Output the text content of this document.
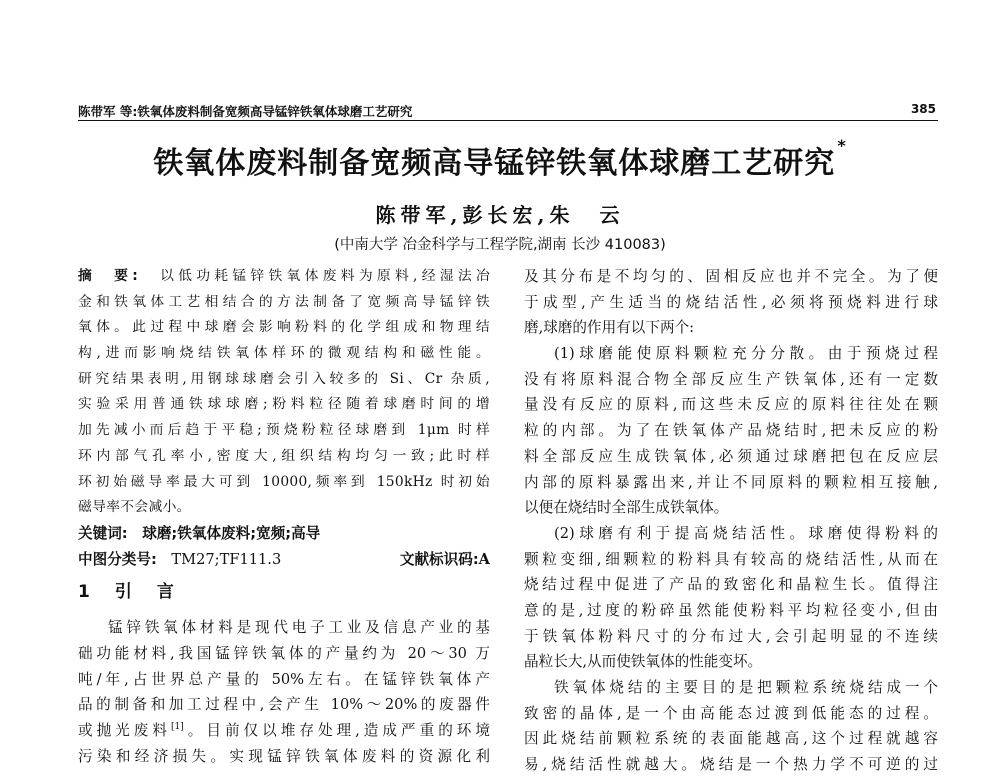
陈带军 等:铁氧体废料制备宽频高导锰锌铁氧体球磨工艺研究	385
铁氧体废料制备宽频高导锰锌铁氧体球磨工艺研究*
陈带军,彭长宏,朱　云
(中南大学 冶金科学与工程学院,湖南 长沙 410083)
摘　要:　 以低功耗锰锌铁氧体废料为原料,经湿法冶
金和铁氧体工艺相结合的方法制备了宽频高导锰锌铁
氧体。此过程中球磨会影响粉料的化学组成和物理结
构,进而影响烧结铁氧体样环的微观结构和磁性能。
研究结果表明,用钢球球磨会引入较多的 Si、Cr 杂质,
实验采用普通铁球球磨;粉料粒径随着球磨时间的增
加先减小而后趋于平稳;预烧粉粒径球磨到 1μm 时样
环内部气孔率小,密度大,组织结构均匀一致;此时样
环初始磁导率最大可到 10000,频率到 150kHz 时初始
磁导率不会减小。
关键词:　 球磨;铁氧体废料;宽频;高导
中图分类号:　 TM27;TF111.3	文献标识码:A
1　引　言
锰锌铁氧体材料是现代电子工业及信息产业的基
础功能材料,我国锰锌铁氧体的产量约为 20～30 万
吨/年,占世界总产量的 50%左右。在锰锌铁氧体产
品的制备和加工过程中,会产生 10%～20%的废器件
或抛光废料[1]。目前仅以堆存处理,造成严重的环境
污染和经济损失。实现锰锌铁氧体废料的资源化利
及其分布是不均匀的、固相反应也并不完全。为了便
于成型,产生适当的烧结活性,必须将预烧料进行球
磨,球磨的作用有以下两个:
(1)球磨能使原料颗粒充分分散。由于预烧过程
没有将原料混合物全部反应生产铁氧体,还有一定数
量没有反应的原料,而这些未反应的原料往往处在颗
粒的内部。为了在铁氧体产品烧结时,把未反应的粉
料全部反应生成铁氧体,必须通过球磨把包在反应层
内部的原料暴露出来,并让不同原料的颗粒相互接触,
以便在烧结时全部生成铁氧体。
(2)球磨有利于提高烧结活性。球磨使得粉料的
颗粒变细,细颗粒的粉料具有较高的烧结活性,从而在
烧结过程中促进了产品的致密化和晶粒生长。值得注
意的是,过度的粉碎虽然能使粉料平均粒径变小,但由
于铁氧体粉料尺寸的分布过大,会引起明显的不连续
晶粒长大,从而使铁氧体的性能变坏。
铁氧体烧结的主要目的是把颗粒系统烧结成一个
致密的晶体,是一个由高能态过渡到低能态的过程。
因此烧结前颗粒系统的表面能越高,这个过程就越容
易,烧结活性就越大。烧结是一个热力学不可逆的过
